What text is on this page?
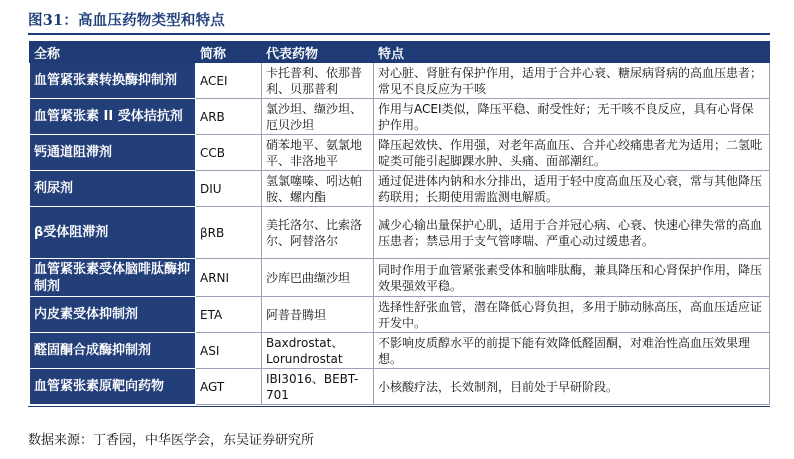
图31：高血压药物类型和特点
全称	简称	代表药物	特点
血管紧张素转换酶抑制剂	ACEI	卡托普利、依那普利、贝那普利	对心脏、肾脏有保护作用，适用于合并心衰、糖尿病肾病的高血压患者；常见不良反应为干咳
血管紧张素 II 受体拮抗剂	ARB	氯沙坦、缬沙坦、厄贝沙坦	作用与ACEI类似，降压平稳、耐受性好；无干咳不良反应，具有心肾保护作用。
钙通道阻滞剂	CCB	硝苯地平、氨氯地平、非洛地平	降压起效快、作用强，对老年高血压、合并心绞痛患者尤为适用；二氢吡啶类可能引起脚踝水肿、头痛、面部潮红。
利尿剂	DIU	氢氯噻嗪、吲达帕胺、螺内酯	通过促进体内钠和水分排出，适用于轻中度高血压及心衰，常与其他降压药联用；长期使用需监测电解质。
β受体阻滞剂	βRB	美托洛尔、比索洛尔、阿替洛尔	减少心输出量保护心肌，适用于合并冠心病、心衰、快速心律失常的高血压患者；禁忌用于支气管哮喘、严重心动过缓患者。
血管紧张素受体脑啡肽酶抑制剂	ARNI	沙库巴曲缬沙坦	同时作用于血管紧张素受体和脑啡肽酶，兼具降压和心肾保护作用，降压效果强效平稳。
内皮素受体抑制剂	ETA	阿普昔腾坦	选择性舒张血管，潜在降低心肾负担，多用于肺动脉高压，高血压适应证开发中。
醛固酮合成酶抑制剂	ASI	Baxdrostat、Lorundrostat	不影响皮质醇水平的前提下能有效降低醛固酮，对难治性高血压效果理想。
血管紧张素原靶向药物	AGT	IBI3016、BEBT-701	小核酸疗法，长效制剂，目前处于早研阶段。
数据来源：丁香园，中华医学会，东吴证券研究所
